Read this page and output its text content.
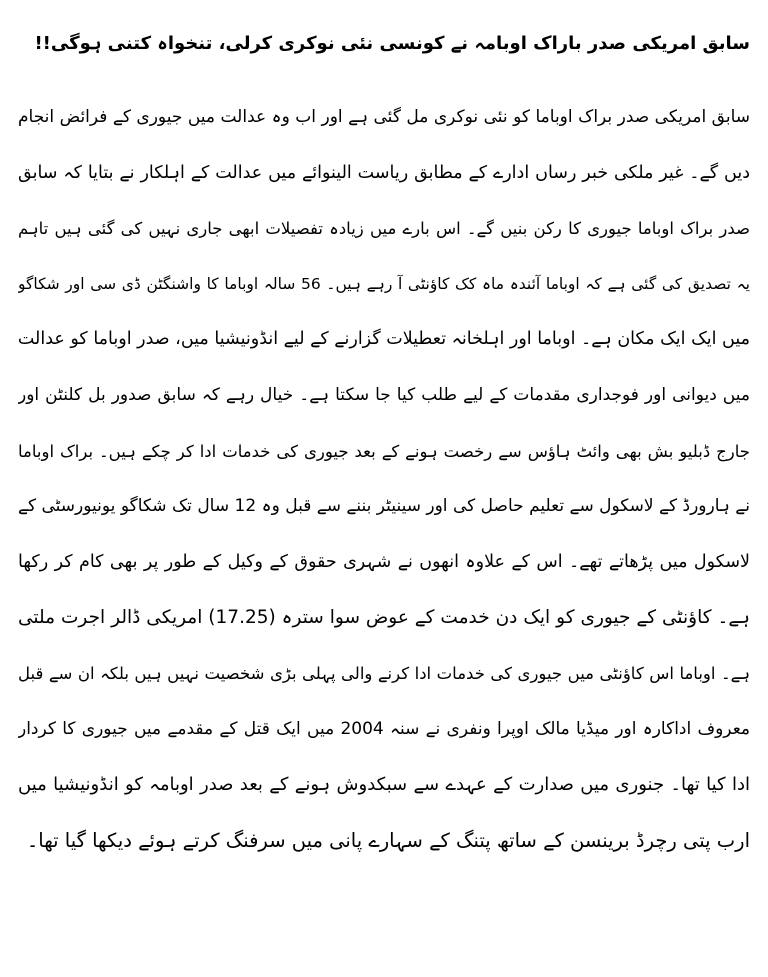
سابق امریکی صدر باراک اوبامہ نے کونسی نئی نوکری کرلی، تنخواہ کتنی ہوگی!!
سابق امریکی صدر براک اوباما کو نئی نوکری مل گئی ہے اور اب وہ عدالت میں جیوری کے فرائض انجام
دیں گے۔ غیر ملکی خبر رساں ادارے کے مطابق ریاست الینوائے میں عدالت کے اہلکار نے بتایا کہ سابق
صدر براک اوباما جیوری کا رکن بنیں گے۔ اس بارے میں زیادہ تفصیلات ابھی جاری نہیں کی گئی ہیں تاہم
یہ تصدیق کی گئی ہے کہ اوباما آئندہ ماہ کک کاؤنٹی آ رہے ہیں۔ 56 سالہ اوباما کا واشنگٹن ڈی سی اور شکاگو
میں ایک ایک مکان ہے۔ اوباما اور اہلخانہ تعطیلات گزارنے کے لیے انڈونیشیا میں، صدر اوباما کو عدالت
میں دیوانی اور فوجداری مقدمات کے لیے طلب کیا جا سکتا ہے۔ خیال رہے کہ سابق صدور بل کلنٹن اور
جارج ڈبلیو بش بھی وائٹ ہاؤس سے رخصت ہونے کے بعد جیوری کی خدمات ادا کر چکے ہیں۔ براک اوباما
نے ہارورڈ کے لاسکول سے تعلیم حاصل کی اور سینیٹر بننے سے قبل وہ 12 سال تک شکاگو یونیورسٹی کے
لاسکول میں پڑھاتے تھے۔ اس کے علاوہ انھوں نے شہری حقوق کے وکیل کے طور پر بھی کام کر رکھا
ہے۔ کاؤنٹی کے جیوری کو ایک دن خدمت کے عوض سوا سترہ (17.25) امریکی ڈالر اجرت ملتی
ہے۔ اوباما اس کاؤنٹی میں جیوری کی خدمات ادا کرنے والی پہلی بڑی شخصیت نہیں ہیں بلکہ ان سے قبل
معروف اداکارہ اور میڈیا مالک اوپرا ونفری نے سنہ 2004 میں ایک قتل کے مقدمے میں جیوری کا کردار
ادا کیا تھا۔ جنوری میں صدارت کے عہدے سے سبکدوش ہونے کے بعد صدر اوبامہ کو انڈونیشیا میں
ارب پتی رچرڈ برینسن کے ساتھ پتنگ کے سہارے پانی میں سرفنگ کرتے ہوئے دیکھا گیا تھا۔
